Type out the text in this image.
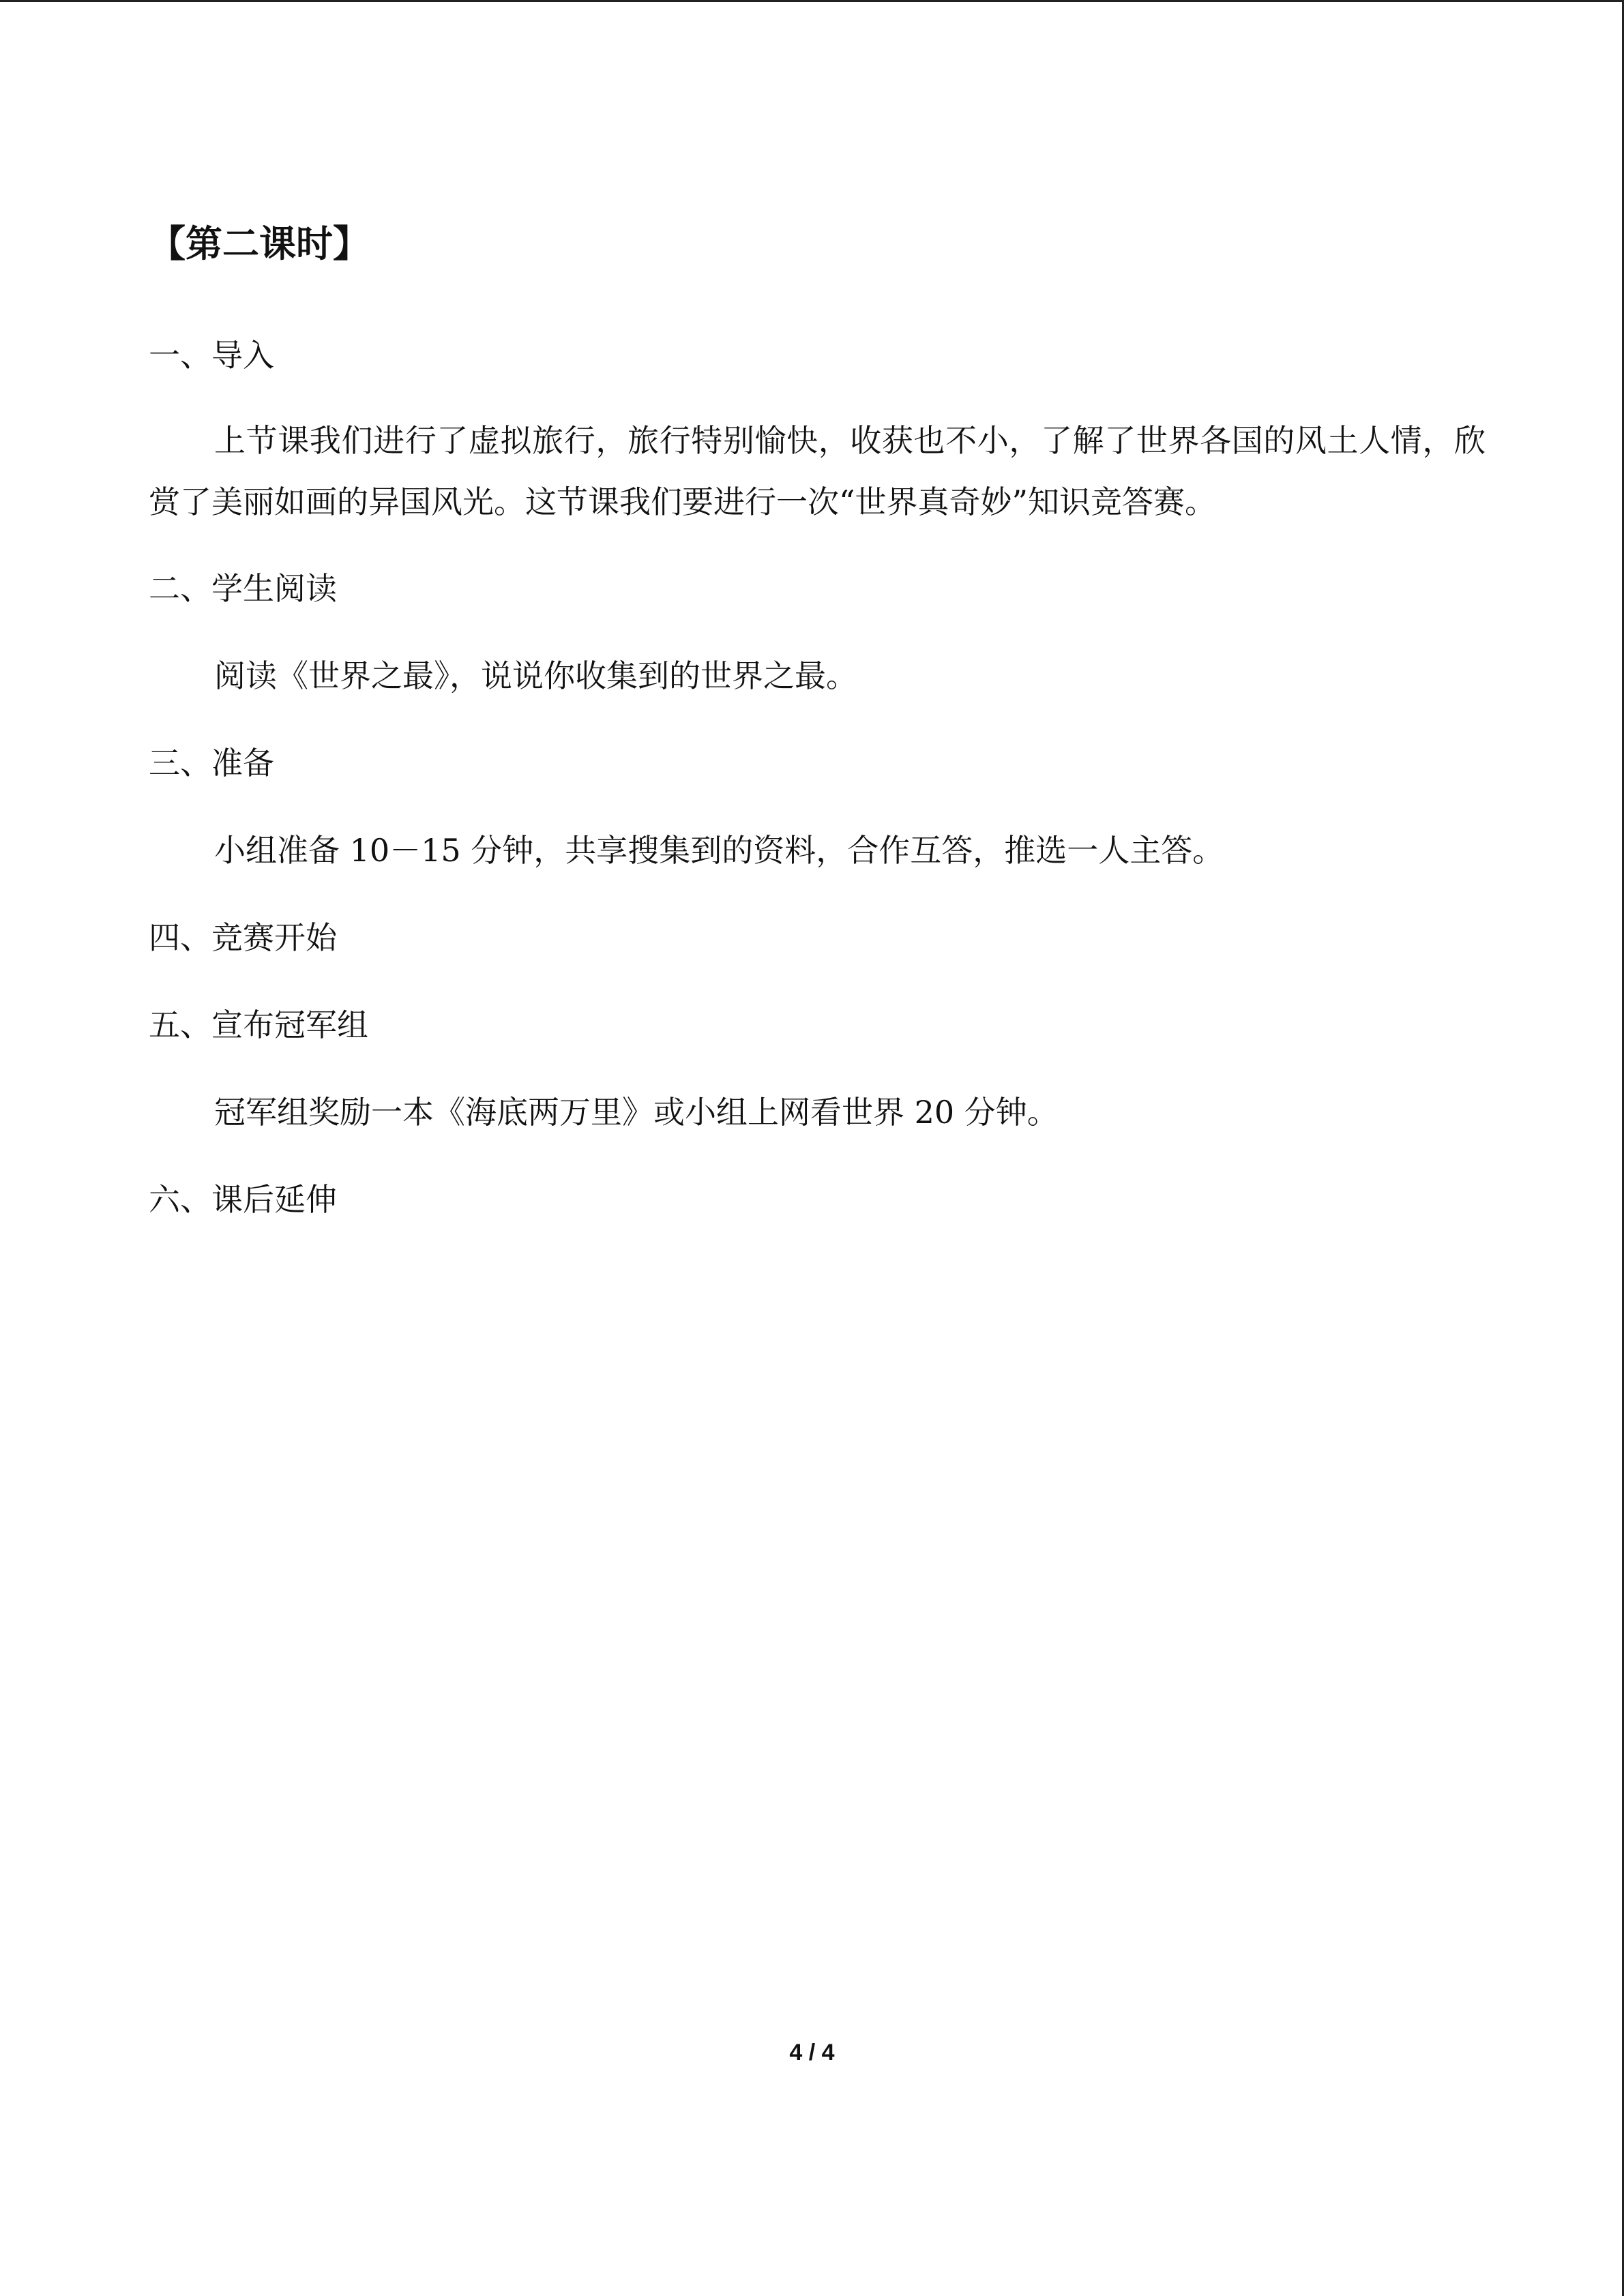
【第二课时】

一、导入

上节课我们进行了虚拟旅行，旅行特别愉快，收获也不小，了解了世界各国的风土人情，欣赏了美丽如画的异国风光。这节课我们要进行一次“世界真奇妙”知识竞答赛。

二、学生阅读

阅读《世界之最》，说说你收集到的世界之最。

三、准备

小组准备 10－15 分钟，共享搜集到的资料，合作互答，推选一人主答。

四、竞赛开始

五、宣布冠军组

冠军组奖励一本《海底两万里》或小组上网看世界 20 分钟。

六、课后延伸

4 / 4
